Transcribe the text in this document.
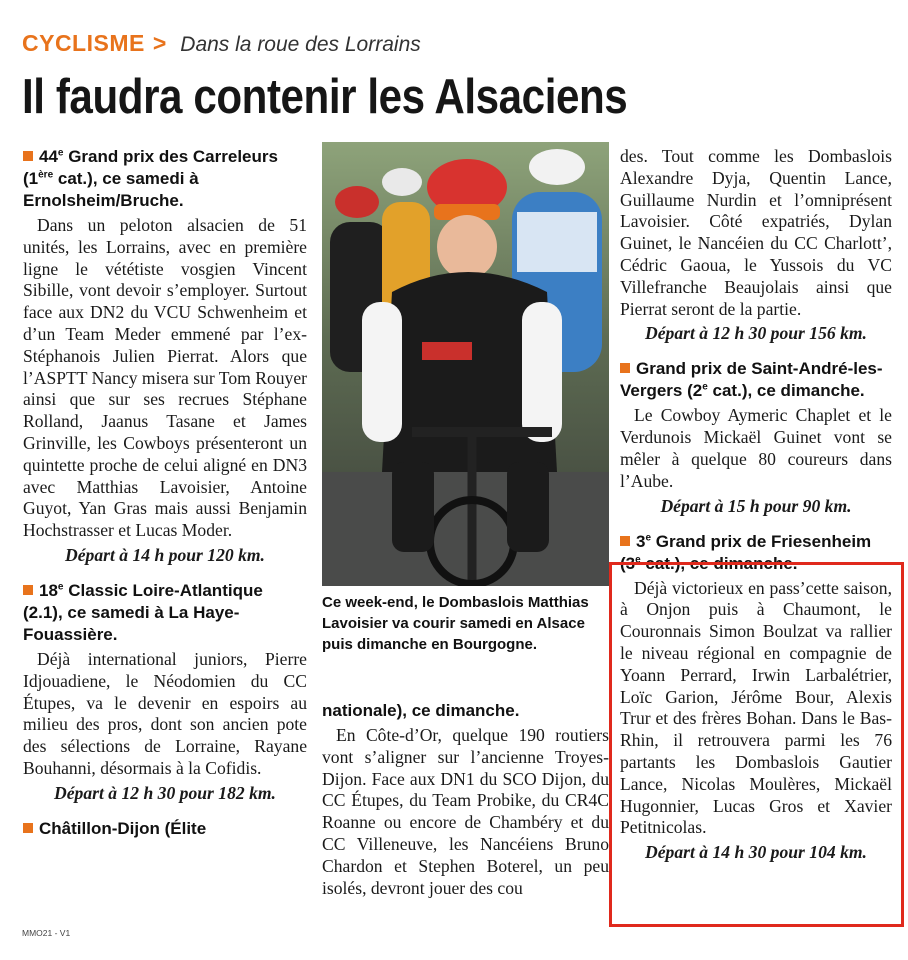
CYCLISME > Dans la roue des Lorrains
Il faudra contenir les Alsaciens
44e Grand prix des Carreleurs (1ère cat.), ce samedi à Ernolsheim/Bruche.

Dans un peloton alsacien de 51 unités, les Lorrains, avec en première ligne le vététiste vosgien Vincent Sibille, vont devoir s’employer. Surtout face aux DN2 du VCU Schwenheim et d’un Team Meder emmené par l’ex-Stéphanois Julien Pierrat. Alors que l’ASPTT Nancy misera sur Tom Rouyer ainsi que sur ses recrues Stéphane Rolland, Jaanus Tasane et James Grinville, les Cowboys présenteront un quintette proche de celui aligné en DN3 avec Matthias Lavoisier, Antoine Guyot, Yan Gras mais aussi Benjamin Hochstrasser et Lucas Moder.

Départ à 14 h pour 120 km.

18e Classic Loire-Atlantique (2.1), ce samedi à La Haye-Fouassière.

Déjà international juniors, Pierre Idjouadiene, le Néodomien du CC Étupes, va le devenir en espoirs au milieu des pros, dont son ancien pote des sélections de Lorraine, Rayane Bouhanni, désormais à la Cofidis.

Départ à 12 h 30 pour 182 km.

Châtillon-Dijon (Élite

Ce week-end, le Dombaslois Matthias Lavoisier va courir samedi en Alsace puis dimanche en Bourgogne.

nationale), ce dimanche.

En Côte-d’Or, quelque 190 routiers vont s’aligner sur l’ancienne Troyes-Dijon. Face aux DN1 du SCO Dijon, du CC Étupes, du Team Probike, du CR4C Roanne ou encore de Chambéry et du CC Villeneuve, les Nancéiens Bruno Chardon et Stephen Boterel, un peu isolés, devront jouer des cou

des. Tout comme les Dombaslois Alexandre Dyja, Quentin Lance, Guillaume Nurdin et l’omniprésent Lavoisier. Côté expatriés, Dylan Guinet, le Nancéien du CC Charlott’, Cédric Gaoua, le Yussois du VC Villefranche Beaujolais ainsi que Pierrat seront de la partie.

Départ à 12 h 30 pour 156 km.

Grand prix de Saint-André-les-Vergers (2e cat.), ce dimanche.

Le Cowboy Aymeric Chaplet et le Verdunois Mickaël Guinet vont se mêler à quelque 80 coureurs dans l’Aube.

Départ à 15 h pour 90 km.

3e Grand prix de Friesenheim (3e cat.), ce dimanche.

Déjà victorieux en pass’cette saison, à Onjon puis à Chaumont, le Couronnais Simon Boulzat va rallier le niveau régional en compagnie de Yoann Perrard, Irwin Larbalétrier, Loïc Garion, Jérôme Bour, Alexis Trur et des frères Bohan. Dans le Bas-Rhin, il retrouvera parmi les 76 partants les Dombaslois Gautier Lance, Nicolas Moulères, Mickaël Hugonnier, Lucas Gros et Xavier Petitnicolas.

Départ à 14 h 30 pour 104 km.

MMO21 - V1
